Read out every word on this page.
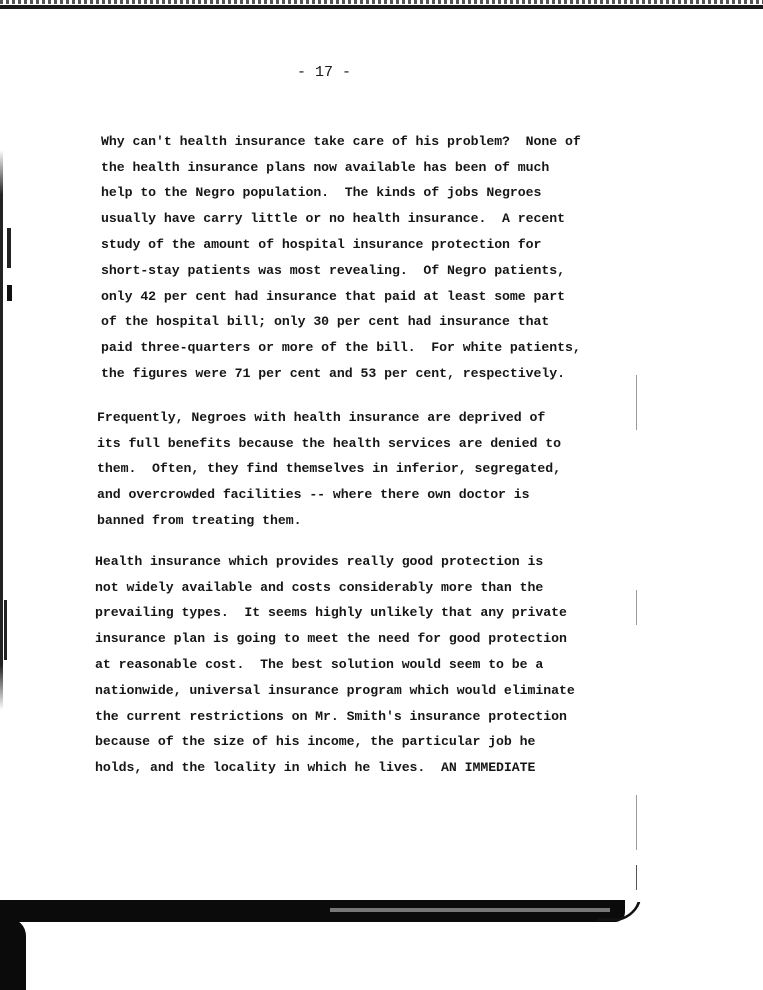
- 17 -

Why can't health insurance take care of his problem?  None of
the health insurance plans now available has been of much
help to the Negro population.  The kinds of jobs Negroes
usually have carry little or no health insurance.  A recent
study of the amount of hospital insurance protection for
short-stay patients was most revealing.  Of Negro patients,
only 42 per cent had insurance that paid at least some part
of the hospital bill; only 30 per cent had insurance that
paid three-quarters or more of the bill.  For white patients,
the figures were 71 per cent and 53 per cent, respectively.

Frequently, Negroes with health insurance are deprived of
its full benefits because the health services are denied to
them.  Often, they find themselves in inferior, segregated,
and overcrowded facilities -- where there own doctor is
banned from treating them.

Health insurance which provides really good protection is
not widely available and costs considerably more than the
prevailing types.  It seems highly unlikely that any private
insurance plan is going to meet the need for good protection
at reasonable cost.  The best solution would seem to be a
nationwide, universal insurance program which would eliminate
the current restrictions on Mr. Smith's insurance protection
because of the size of his income, the particular job he
holds, and the locality in which he lives.  AN IMMEDIATE
